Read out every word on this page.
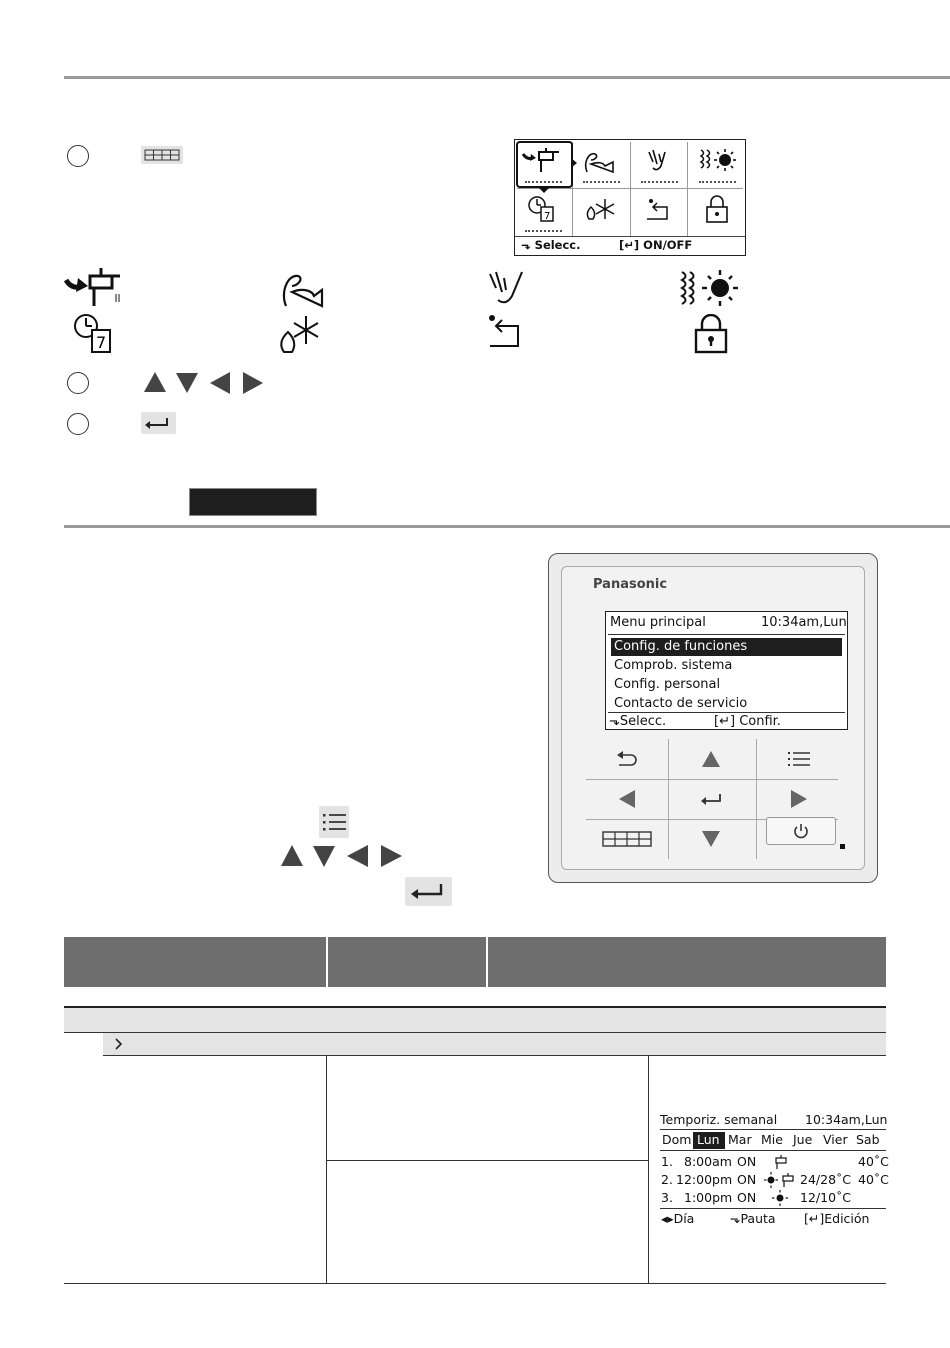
7
⬎ Selecc.	[↵] ON/OFF
7
Panasonic
Menu principal	10:34am,Lun
Config. de funciones
Comprob. sistema
Config. personal
Contacto de servicio
⬎Selecc.	[↵] Confir.
Temporiz. semanal 10:34am,Lun
Dom Lun Mar Mie Jue Vier Sab
1. 8:00am ON	40˚C
2. 12:00pm ON	24/28˚C 40˚C
3. 1:00pm ON	12/10˚C
◂▸Día	⬎Pauta [↵]Edición
